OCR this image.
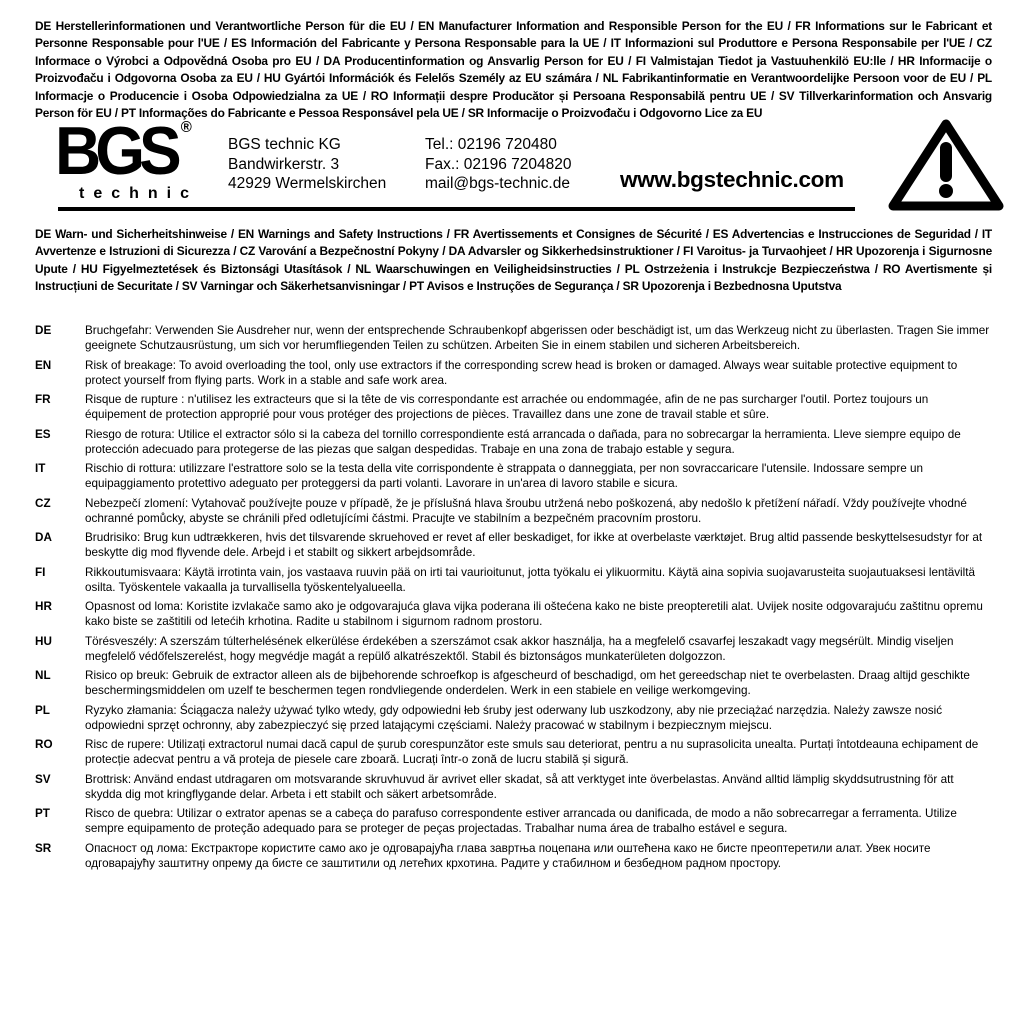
DE Herstellerinformationen und Verantwortliche Person für die EU / EN Manufacturer Information and Responsible Person for the EU / FR Informations sur le Fabricant et Personne Responsable pour l'UE / ES Información del Fabricante y Persona Responsable para la UE / IT Informazioni sul Produttore e Persona Responsabile per l'UE / CZ Informace o Výrobci a Odpovědná Osoba pro EU / DA Producentinformation og Ansvarlig Person for EU / FI Valmistajan Tiedot ja Vastuuhenkilö EU:lle / HR Informacije o Proizvođaču i Odgovorna Osoba za EU / HU Gyártói Információk és Felelős Személy az EU számára / NL Fabrikantinformatie en Verantwoordelijke Persoon voor de EU / PL Informacje o Producencie i Osoba Odpowiedzialna za UE / RO Informații despre Producător și Persoana Responsabilă pentru UE / SV Tillverkarinformation och Ansvarig Person för EU / PT Informações do Fabricante e Pessoa Responsável pela UE / SR Informacije o Proizvođaču i Odgovorno Lice za EU

BGS ®
technic
BGS technic KG
Bandwirkerstr. 3
42929 Wermelskirchen
Tel.: 02196 720480
Fax.: 02196 7204820
mail@bgs-technic.de www.bgstechnic.com

DE Warn- und Sicherheitshinweise / EN Warnings and Safety Instructions / FR Avertissements et Consignes de Sécurité / ES Advertencias e Instrucciones de Seguridad / IT Avvertenze e Istruzioni di Sicurezza / CZ Varování a Bezpečnostní Pokyny / DA Advarsler og Sikkerhedsinstruktioner / FI Varoitus- ja Turvaohjeet / HR Upozorenja i Sigurnosne Upute / HU Figyelmeztetések és Biztonsági Utasítások / NL Waarschuwingen en Veiligheidsinstructies / PL Ostrzeżenia i Instrukcje Bezpieczeństwa / RO Avertismente și Instrucțiuni de Securitate / SV Varningar och Säkerhetsanvisningar / PT Avisos e Instruções de Segurança / SR Upozorenja i Bezbednosna Uputstva

DE	Bruchgefahr: Verwenden Sie Ausdreher nur, wenn der entsprechende Schraubenkopf abgerissen oder beschädigt ist, um das Werkzeug nicht zu überlasten. Tragen Sie immer geeignete Schutzausrüstung, um sich vor herumfliegenden Teilen zu schützen. Arbeiten Sie in einem stabilen und sicheren Arbeitsbereich.
EN	Risk of breakage: To avoid overloading the tool, only use extractors if the corresponding screw head is broken or damaged. Always wear suitable protective equipment to protect yourself from flying parts. Work in a stable and safe work area.
FR	Risque de rupture : n'utilisez les extracteurs que si la tête de vis correspondante est arrachée ou endommagée, afin de ne pas surcharger l'outil. Portez toujours un équipement de protection approprié pour vous protéger des projections de pièces. Travaillez dans une zone de travail stable et sûre.
ES	Riesgo de rotura: Utilice el extractor sólo si la cabeza del tornillo correspondiente está arrancada o dañada, para no sobrecargar la herramienta. Lleve siempre equipo de protección adecuado para protegerse de las piezas que salgan despedidas. Trabaje en una zona de trabajo estable y segura.
IT	Rischio di rottura: utilizzare l'estrattore solo se la testa della vite corrispondente è strappata o danneggiata, per non sovraccaricare l'utensile. Indossare sempre un equipaggiamento protettivo adeguato per proteggersi da parti volanti. Lavorare in un'area di lavoro stabile e sicura.
CZ	Nebezpečí zlomení: Vytahovač používejte pouze v případě, že je příslušná hlava šroubu utržená nebo poškozená, aby nedošlo k přetížení nářadí. Vždy používejte vhodné ochranné pomůcky, abyste se chránili před odletujícími částmi. Pracujte ve stabilním a bezpečném pracovním prostoru.
DA	Brudrisiko: Brug kun udtrækkeren, hvis det tilsvarende skruehoved er revet af eller beskadiget, for ikke at overbelaste værktøjet. Brug altid passende beskyttelsesudstyr for at beskytte dig mod flyvende dele. Arbejd i et stabilt og sikkert arbejdsområde.
FI	Rikkoutumisvaara: Käytä irrotinta vain, jos vastaava ruuvin pää on irti tai vaurioitunut, jotta työkalu ei ylikuormitu. Käytä aina sopivia suojavarusteita suojautuaksesi lentäviltä osilta. Työskentele vakaalla ja turvallisella työskentelyalueella.
HR	Opasnost od loma: Koristite izvlakače samo ako je odgovarajuća glava vijka poderana ili oštećena kako ne biste preopteretili alat. Uvijek nosite odgovarajuću zaštitnu opremu kako biste se zaštitili od letećih krhotina. Radite u stabilnom i sigurnom radnom prostoru.
HU	Törésveszély: A szerszám túlterhelésének elkerülése érdekében a szerszámot csak akkor használja, ha a megfelelő csavarfej leszakadt vagy megsérült. Mindig viseljen megfelelő védőfelszerelést, hogy megvédje magát a repülő alkatrészektől. Stabil és biztonságos munkaterületen dolgozzon.
NL	Risico op breuk: Gebruik de extractor alleen als de bijbehorende schroefkop is afgescheurd of beschadigd, om het gereedschap niet te overbelasten. Draag altijd geschikte beschermingsmiddelen om uzelf te beschermen tegen rondvliegende onderdelen. Werk in een stabiele en veilige werkomgeving.
PL	Ryzyko złamania: Ściągacza należy używać tylko wtedy, gdy odpowiedni łeb śruby jest oderwany lub uszkodzony, aby nie przeciążać narzędzia. Należy zawsze nosić odpowiedni sprzęt ochronny, aby zabezpieczyć się przed latającymi częściami. Należy pracować w stabilnym i bezpiecznym miejscu.
RO	Risc de rupere: Utilizați extractorul numai dacă capul de șurub corespunzător este smuls sau deteriorat, pentru a nu suprasolicita unealta. Purtați întotdeauna echipament de protecție adecvat pentru a vă proteja de piesele care zboară. Lucrați într-o zonă de lucru stabilă și sigură.
SV	Brottrisk: Använd endast utdragaren om motsvarande skruvhuvud är avrivet eller skadat, så att verktyget inte överbelastas. Använd alltid lämplig skyddsutrustning för att skydda dig mot kringflygande delar. Arbeta i ett stabilt och säkert arbetsområde.
PT	Risco de quebra: Utilizar o extrator apenas se a cabeça do parafuso correspondente estiver arrancada ou danificada, de modo a não sobrecarregar a ferramenta. Utilize sempre equipamento de proteção adequado para se proteger de peças projectadas. Trabalhar numa área de trabalho estável e segura.
SR	Опасност од лома: Екстракторе користите само ако је одговарајућа глава завртња поцепана или оштећена како не бисте преоптеретили алат. Увек носите одговарајућу заштитну опрему да бисте се заштитили од летећих крхотина. Радите у стабилном и безбедном радном простору.
